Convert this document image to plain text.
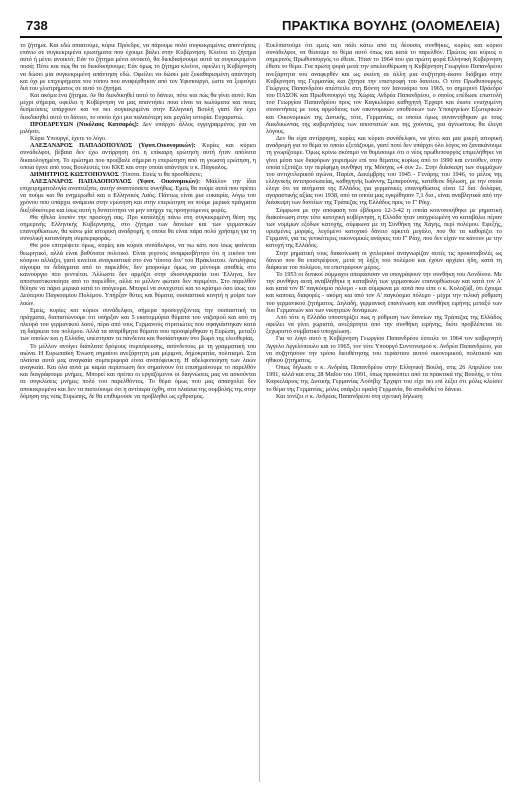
738	ΠΡΑΚΤΙΚΑ ΒΟΥΛΗΣ (ΟΛΟΜΕΛΕΙΑ)

το ζήτημα. Και εδώ απαιτούμε, κύριε Πρόεδρε, να πάρουμε πολύ συγκεκριμένες απαντήσεις επάνω σε συγκεκριμένα ερωτήματα που έχουμε βάλει στην Κυβέρνηση. Κλείνει το ζήτημα αυτό ή μένει ανοικτό; Εάν το ζήτημα μένει ανοικτό, θα διεκδικήσουμε αυτά τα συγκεκριμένα ποσά; Πότε και πώς θα τα διεκδικήσουμε; Εάν όμως το ζήτημα κλείνει, οφείλει η Κυβέρνηση να δώσει μια συγκεκριμένη απάντηση εδώ. Οφείλει να δώσει μια ξεκαθαρισμένη απάντηση και όχι με επιχειρήματα του τύπου που αναφέρθηκαν από τον Υφυπουργό, ώστε να ξεφεύγει διά του γλιστρήματος σε αυτό το ζήτημα.

Και ακόμα ένα ζήτημα. Αν θα διεκδικηθεί αυτό το δάνειο, πότε και πώς θα γίνει αυτό; Και μέχρι σήμερα, οφείλει η Κυβέρνηση να μας απαντήσει ποια είναι τα κωλύματα και ποιες δεσμεύσεις υπάρχουν και να πει συγκεκριμένα στην Ελληνική Βουλή γιατί δεν έχει διεκδικηθεί αυτό το δάνειο, το οποίο έχει μια παλαιότερη και μεγάλη ιστορία. Ευχαριστώ.

ΠΡΟΕΔΡΕΥΩΝ (Νικόλαος Κατσαρός): Δεν υπάρχει άλλος εγγεγραμμένος για να μιλήσει.

Κύριε Υπουργέ, έχετε το λόγο.

ΑΛΕΞΑΝΔΡΟΣ ΠΑΠΑΔΟΠΟΥΛΟΣ (Υφυπ.Οικονομικών): Κυρίες και κύριοι συνάδελφοι, βέβαια δεν έχω αντίρρηση ότι η επίκαιρη ερώτηση αυτή ήταν απόλυτα δικαιολογημένη. Το ερώτημα που προέβαλε σήμερα η επερώτηση από τη γνωστή ερώτηση, η οποία έγινε από τους Βουλευτές του ΚΚΕ και στην οποία απάντησε ο κ. Πάγκαλος.

ΔΗΜΗΤΡΙΟΣ ΚΩΣΤΟΠΟΥΛΟΣ :Τίποτα. Εσείς τι θα προσθέσετε;

ΑΛΕΞΑΝΔΡΟΣ ΠΑΠΑΔΟΠΟΥΛΟΣ (Υφυπ. Οικονομικών): Μάλλον την ίδια επιχειρηματολογία αναπτύξατε, αυτήν αναπτύσσετε συνήθως. Εμείς θα πούμε αυτά που πρέπει να πούμε και θα ενημερωθεί και ο Ελληνικός Λαός. Πάντως είναι μια ευκαιρία, λόγω του χρόνου που υπάρχει ανάμεσα στην ερώτηση και στην επερώτηση να πούμε μερικά πράγματα διεξοδικότερα και ίσως αυτή η δυνατότητα να μην υπήρχε τις προηγούμενες φορές.

Θα ήθελα λοιπόν την προσοχή σας. Προ κατάληξη πάνω στη συγκεκριμένη θέση της σημερινής Ελληνικής Κυβέρνησης, στο ζήτημα των δανείων και των γερμανικών επανορθώσεων, θα κάνω μία ιστορική αναδρομή, η οποία θα είναι πάρα πολύ χρήσιμη για τη συνολική κατανόηση συμπεριφοράς.

Θα μου επιτρέψετε όμως, κυρίες και κύριοι συνάδελφοι, να πω κάτι που ίσως φαίνεται θεωρητικό, αλλά είναι βαθύτατα πολιτικό. Είναι γεγονός αναμφισβήτητο ότι η εικόνα του κόσμου αλλάζει, γιατί κινείται αναγκαστικά στο ένα 'τίποτα δεν' του Ηράκλειτου. Αντιλήψεις σίγουρα τα διδάγματα από το παρελθόν, δεν μπορούμε όμως να μένουμε απαθείς στο καινούργιο που γεννιέται. Άλλωστε δεν αρμόζει στην ιδιοσυγκρασία του Έλληνα, δεν αποσταστικοποίησε από το παρελθόν, αλλά το μέλλον φώτισε δεν περιμένει. Στο παρελθόν θέλησε να πάρει μερικά κατά το απόγευμα. Μπορεί να συνεχιστεί και το κρίσιμο όσο ίσως του Δεύτερου Παγκοσμίου Πολέμου. Υπήρξαν θύτες και θύματα, ουσιαστικά κινητή η μοίρα των λαών.

Εμείς, κυρίες και κύριοι συνάδελφοι, σήμερα προσεγγίζοντας την ουσιαστική τα πράγματα, διαπιστώνουμε ότι υπήρξαν και 5 εκατομμύρια θύματα του ναζισμού και από τη πλευρά του γερμανικού λαού, πέρα από τους Γερμανούς στρατιώτες που σφαγιάστηκαν κατά τη διάρκεια του πολέμου. Αλλά τα αναρίθμητα θύματα που προσφέρθηκαν η Ευρώπη, μεταξύ των οποίων και η Ελλάδα, υπέστησαν τα πάνδεινα και θυσιάστηκαν στο βωμό της ελευθερίας.

Το μέλλον ανοίγει διάπλατα δρόμους συμπόρευσης, ασύνδετους με τη γραμματική του αιώνα. Η Ευρωπαϊκή Ένωση σημαίνει ανεξάρτητη μια μέριμνα, δημοκρατία, πολιτισμό. Στα πλαίσια αυτά μας αναγκαία συμπεριφορά είναι αναπόφευκτη. Η αδελφοποίηση των λαών αναγκαία. Και όλα αυτά με καμία περίπτωση δεν σημαίνουν ότι επισημαίνουμε το παρελθόν και διαγράφουμε μνήμες. Μπορεί και πρέπει οι εργαζόμενοι οι διαγνώσεις μας να ασκούνται σε συγκλίσεις μνήμες πολύ του παρελθόντος. Το θέμα όμως που μας απασχολεί δεν αποκεκρυμένα και δεν τα πιστεύουμε ότι η αντίπερα όχθη, στα πλαίσια της συμβολής της στην δόμηση της νέας Ευρώπης, δε θα επιθυμούσε να προβληθεί ως εχθρισμός.

Ευελπιστούμε ότι εμείς και πάλι κάτω από τις δέουσες συνθήκες, κυρίες και κύριοι συνάδελφοι, να θέσουμε το θέμα αυτό όπως και κατά το παρελθόν. Πρώτος και κύριος ο σημερινός Πρωθυπουργός το έθεσε. Ήταν το 1964 που για πρώτη φορά Ελληνική Κυβέρνηση έθεσε το θέμα. Για πρώτη φορά μετά την απελευθέρωση η Κυβέρνηση Γεωργίου Παπανδρέου ανεξάρτητα του αναφερθέν και ως εκείνη σε άλλη μια συζήτηση-έκανε διάβημα στην Κυβέρνηση της Γερμανίας και ζήτησε την επιστροφή του δανείου. Ο τότε Πρωθυπουργός Γεώργιος Παπανδρέου απέστειλε στη Βόννη τον Ιανουάριο του 1965, το σημερινό Πρόεδρο του ΠΑΣΟΚ και Πρωθυπουργό της Χώρας Ανδρέα Παπανδρέου, ο οποίος επέδωσε επιστολή του Γεωργίου Παπανδρέου προς τον Καγκελάριο καθηγητή Έρχαρτ και έκανε ενισχυμένη συναντήσεις με τους αρμόδιους των οικονομικών υποθέσεων των Υπουργείων Εξωτερικών και Οικονομικών της Δυτικής, τότε, Γερμανίας, οι οποίοι όμως συναντήθηκαν με τους διεκδικώντας της κυβερνήσεις των αποστατών και της χούντας, για άγνωστους θα έλεγα λόγους.

Δεν θα είχα αντίρρηση, κυρίες και κύριοι συνάδελφοι, να γίνει και μια μικρή ιστορική αναδρομή για το θέμα το οποίο εξετάζουμε, γιατί ποτέ δεν υπάρχει όλο λόγος να ξανακάνουμε τη γνωρίζουμε. Όμως κρίνω σκόπιμο να θυμίσουμε ότι ο νέος πρωθυπουργός επιμελήθηκε να γίνει μέσα των διαφόρων χειρισμών επί του θέματος κυρίως από το 1990 και εντεύθεν, στην οποία εξετάζει την περίφημη συνθήκη της Μόσχας «4 συν 2». Στην διάσκεψη των συμμάχων του αντιχιτλερικού αγώνα, Παρίσι, Δεκέμβρης του 1945 - Γενάρης του 1946, το μέλος της ελληνικής αντιπροσωπείας, καθηγητής Ιωάννης Σμπαρούνης, κατέθεσε δήλωση, με την οποία έλεγε ότι τα αιτήματα της Ελλάδος για γερμανικές επανορθώσεις είναι 12 δισ. δολάρια, αγοραστικής αξίας του 1938, από τα οποία μας εγκρίθησαν 7,1 δισ., είναι αναβλητικά από την διάσκεψη των δανείων της Τράπεζας της Ελλάδος προς το Γ' Ράιχ.

Σύμφωνα με την απόφαση του έβδομου 12-3-42 η οποία κοινοποιήθηκε με ρηματική διακοίνωση στην τότε κατοχική κυβέρνηση, η Ελλάδα ήταν υποχρεωμένη να καταβάλει πέραν των νομίμων εξόδων κατοχής, σύμφωνα με τη Συνθήκη της Χάγης, περί πολέμου. Εφεξής, ορισμένες μορφές, λεγόμενο κατοχικό δάνειο αρκετά μεγάλο, που θα τα καθορίζει το Γερμανό, για τις γενικότερες οικονομικές ανάγκες του Γ' Ράιχ, που δεν είχαν να κάνουν με την κατοχή της Ελλάδος.

Στην ρηματική τους διακοίνωση οι χιτλερικοί αναγνωρίζαν αυτές τις προκαταβολές ως δάνειο που θα επιστρέψουν, μετά τη λήξη του πολέμου και έχουν αρχίσει ήδη, κατά τη διάρκεια του πολέμου, να επιστρέφουν μέρος.

Το 1953 οι δυτικοί σύμμαχοι απεφάσισαν να υπογράψουν την συνθήκη του Λονδίνου. Με την συνθήκη αυτή αναβλήθηκε η καταβολή των γερμανικών επανορθώσεων και κατά τον Α' και κατά τον Β' παγκόσμιο πόλεμο - και σύμφωνα με αυτά που είπε ο κ. Κολοζώβ, ότι έχουμε και καποιες διαφορές - ακόμη και από τον Α' παγκόσμιο πόλεμο - μέχρι την τελική ρύθμιση του γερμανικού ζητήματος. Δηλαδή, γερμανική επανένωση και συνθήκη ειρήνης μεταξύ των δυο Γερμανιών και των νικητριών δυνάμεων.

Από τότε η Ελλάδα υποστηρίζει πως η ρύθμιση των δανείων της Τράπεζας της Ελλάδος οφείλει να γίνει χωριστά, ανεξάρτητα από την συνθήκη ειρήνης, διότι προβλέπεται σε ξεχωριστό συμβατικό υποχρέωση.

Για το λόγο αυτό η Κυβέρνηση Γεωργίου Παπανδρέου έστειλε το 1964 τον κυβερνητή Άγγελο Αγγελόπουλο και το 1965, τον τότε Υπουργό Συντονισμού κ. Ανδρέα Παπανδρέου, για να συζητήσουν την τρόπο διευθέτησης του τεράστιου αυτού οικονομικού, πολιτικού και ηθικού ζητήματος.

Όπως δήλωσε ο κ. Ανδρέας Παπανδρέου στην Ελληνική Βουλή, στις 26 Απριλίου του 1991, αλλά και στις 28 Μαΐου του 1991, όπως προκύπτει από τα πρακτικά της Βουλής, ο τότε Καγκελάριος της Δυτικής Γερμανίας Λούτβιχ Έρχαρτ του είχε πει επί λέξει ότι μόλις κλείσει το θέμα της Γερμανίας, μόλις υπάρξει ομαλή Γερμανία, θα αποδοθεί το δάνειο.

Και τονίζει ο κ. Ανδρέας Παπανδρέου στη σχετική δήλωση
